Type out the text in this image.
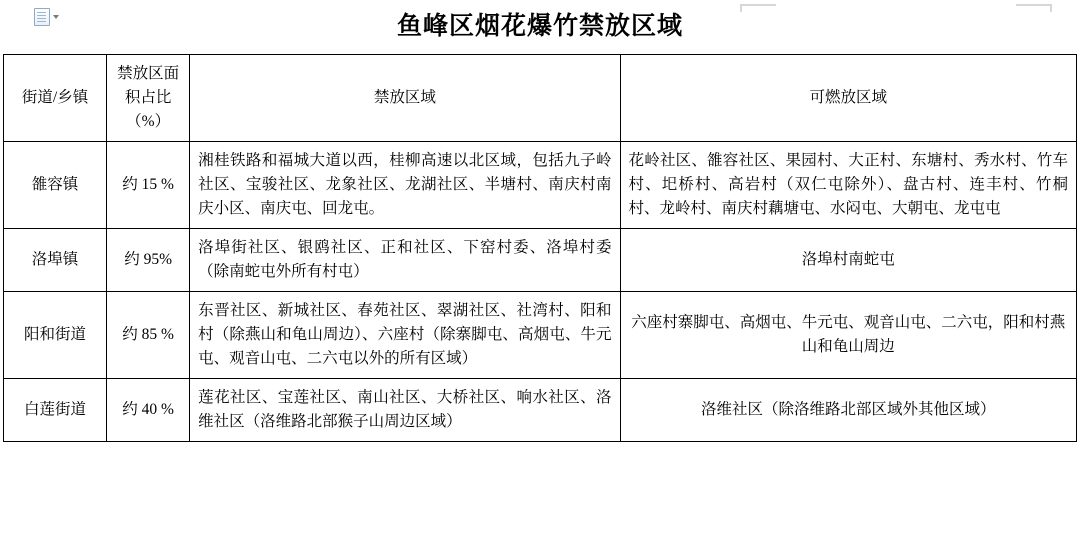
鱼峰区烟花爆竹禁放区域
街道/乡镇	禁放区面积占比（%）	禁放区域	可燃放区域
雒容镇	约 15 %	湘桂铁路和福城大道以西，桂柳高速以北区域，包括九子岭社区、宝骏社区、龙象社区、龙湖社区、半塘村、南庆村南庆小区、南庆屯、回龙屯。	花岭社区、雒容社区、果园村、大正村、东塘村、秀水村、竹车村、圯桥村、高岩村（双仁屯除外）、盘古村、连丰村、竹桐村、龙岭村、南庆村藕塘屯、水闷屯、大朝屯、龙屯屯
洛埠镇	约 95%	洛埠街社区、银鸥社区、正和社区、下窑村委、洛埠村委（除南蛇屯外所有村屯）	洛埠村南蛇屯
阳和街道	约 85 %	东晋社区、新城社区、春苑社区、翠湖社区、社湾村、阳和村（除燕山和龟山周边）、六座村（除寨脚屯、高烟屯、牛元屯、观音山屯、二六屯以外的所有区域）	六座村寨脚屯、高烟屯、牛元屯、观音山屯、二六屯，阳和村燕山和龟山周边
白莲街道	约 40 %	莲花社区、宝莲社区、南山社区、大桥社区、响水社区、洛维社区（洛维路北部猴子山周边区域）	洛维社区（除洛维路北部区域外其他区域）
